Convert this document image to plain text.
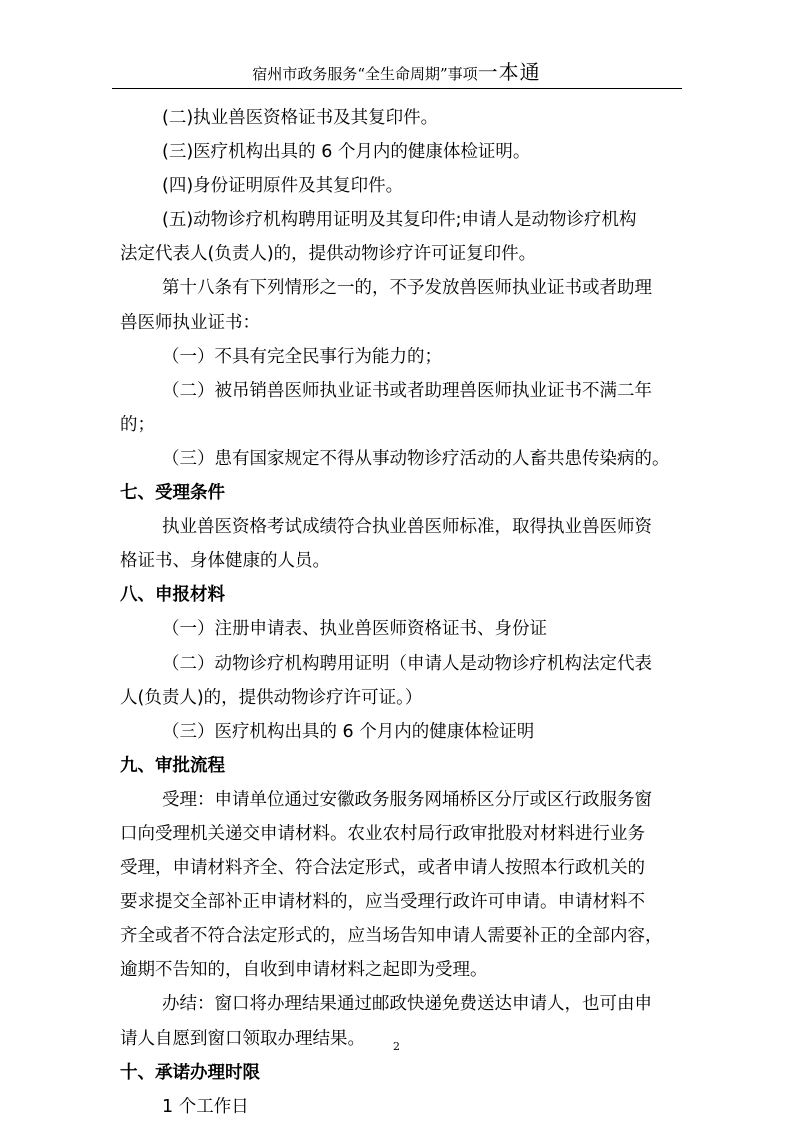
宿州市政务服务“全生命周期”事项一本通
(二)执业兽医资格证书及其复印件。
(三)医疗机构出具的 6 个月内的健康体检证明。
(四)身份证明原件及其复印件。
(五)动物诊疗机构聘用证明及其复印件;申请人是动物诊疗机构
法定代表人(负责人)的，提供动物诊疗许可证复印件。
第十八条有下列情形之一的，不予发放兽医师执业证书或者助理
兽医师执业证书：
（一）不具有完全民事行为能力的；
（二）被吊销兽医师执业证书或者助理兽医师执业证书不满二年
的；
（三）患有国家规定不得从事动物诊疗活动的人畜共患传染病的。
七、受理条件
执业兽医资格考试成绩符合执业兽医师标准，取得执业兽医师资
格证书、身体健康的人员。
八、申报材料
（一）注册申请表、执业兽医师资格证书、身份证
（二）动物诊疗机构聘用证明（申请人是动物诊疗机构法定代表
人(负责人)的，提供动物诊疗许可证。）
（三）医疗机构出具的 6 个月内的健康体检证明
九、审批流程
受理：申请单位通过安徽政务服务网埇桥区分厅或区行政服务窗
口向受理机关递交申请材料。农业农村局行政审批股对材料进行业务
受理，申请材料齐全、符合法定形式，或者申请人按照本行政机关的
要求提交全部补正申请材料的，应当受理行政许可申请。申请材料不
齐全或者不符合法定形式的，应当场告知申请人需要补正的全部内容，
逾期不告知的，自收到申请材料之起即为受理。
办结：窗口将办理结果通过邮政快递免费送达申请人，也可由申
请人自愿到窗口领取办理结果。
十、承诺办理时限
1 个工作日
2
